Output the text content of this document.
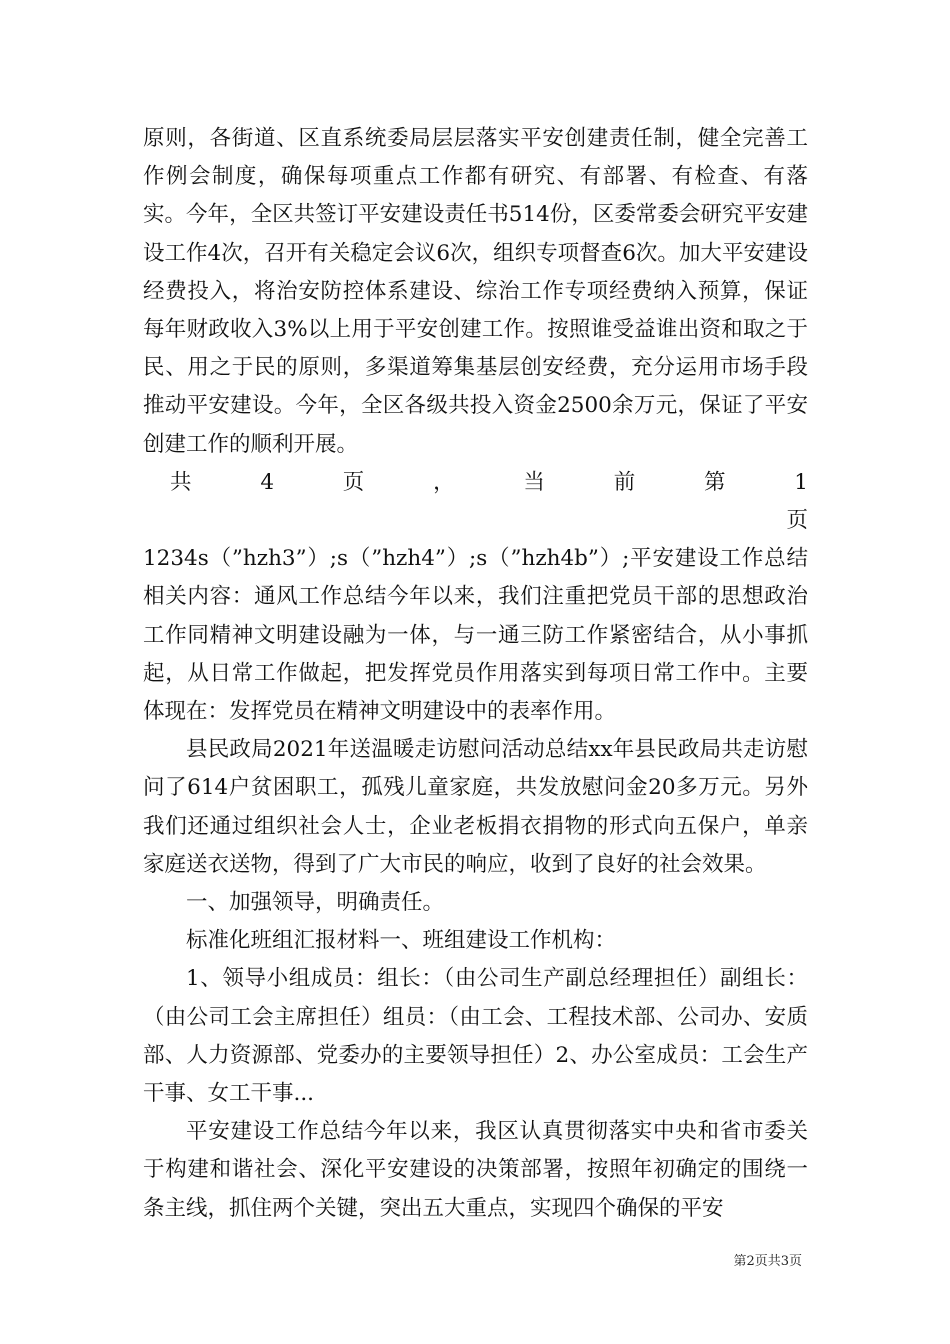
原则，各街道、区直系统委局层层落实平安创建责任制，健全完善工作例会制度，确保每项重点工作都有研究、有部署、有检查、有落实。今年，全区共签订平安建设责任书514份，区委常委会研究平安建设工作4次，召开有关稳定会议6次，组织专项督查6次。加大平安建设经费投入，将治安防控体系建设、综治工作专项经费纳入预算，保证每年财政收入3%以上用于平安创建工作。按照谁受益谁出资和取之于民、用之于民的原则，多渠道筹集基层创安经费，充分运用市场手段推动平安建设。今年，全区各级共投入资金2500余万元，保证了平安创建工作的顺利开展。

共4页，当前第1页

1234s（”hzh3”）;s（”hzh4”）;s（”hzh4b”）;平安建设工作总结相关内容：通风工作总结今年以来，我们注重把党员干部的思想政治工作同精神文明建设融为一体，与一通三防工作紧密结合，从小事抓起，从日常工作做起，把发挥党员作用落实到每项日常工作中。主要体现在：发挥党员在精神文明建设中的表率作用。

县民政局2021年送温暖走访慰问活动总结xx年县民政局共走访慰问了614户贫困职工，孤残儿童家庭，共发放慰问金20多万元。另外我们还通过组织社会人士，企业老板捐衣捐物的形式向五保户，单亲家庭送衣送物，得到了广大市民的响应，收到了良好的社会效果。

一、加强领导，明确责任。

标准化班组汇报材料一、班组建设工作机构：

1、领导小组成员：组长：（由公司生产副总经理担任）副组长：（由公司工会主席担任）组员：（由工会、工程技术部、公司办、安质部、人力资源部、党委办的主要领导担任）2、办公室成员：工会生产干事、女工干事...

平安建设工作总结今年以来，我区认真贯彻落实中央和省市委关于构建和谐社会、深化平安建设的决策部署，按照年初确定的围绕一条主线，抓住两个关键，突出五大重点，实现四个确保的平安

第2页共3页
